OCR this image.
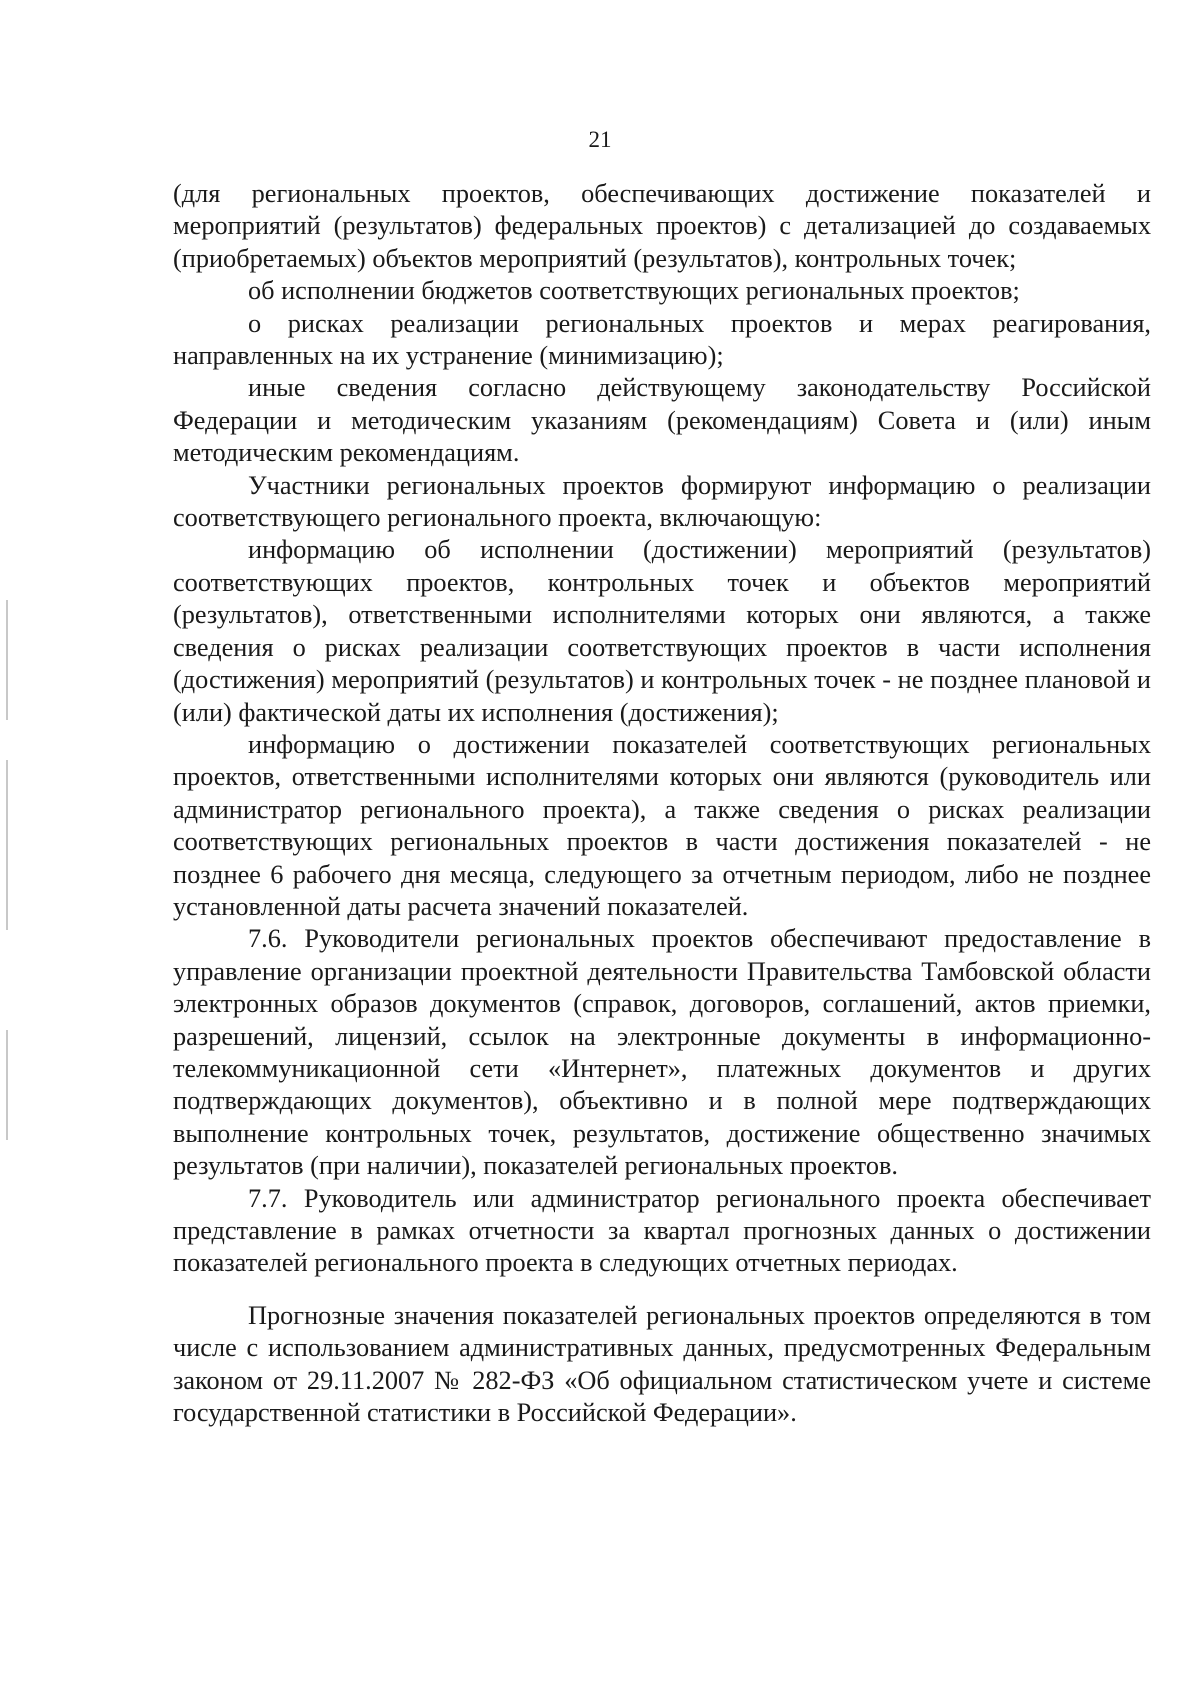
21

(для региональных проектов, обеспечивающих достижение показателей и мероприятий (результатов) федеральных проектов) с детализацией до создаваемых (приобретаемых) объектов мероприятий (результатов), контрольных точек;

об исполнении бюджетов соответствующих региональных проектов;

о рисках реализации региональных проектов и мерах реагирования, направленных на их устранение (минимизацию);

иные сведения согласно действующему законодательству Российской Федерации и методическим указаниям (рекомендациям) Совета и (или) иным методическим рекомендациям.

Участники региональных проектов формируют информацию о реализации соответствующего регионального проекта, включающую:

информацию об исполнении (достижении) мероприятий (результатов) соответствующих проектов, контрольных точек и объектов мероприятий (результатов), ответственными исполнителями которых они являются, а также сведения о рисках реализации соответствующих проектов в части исполнения (достижения) мероприятий (результатов) и контрольных точек - не позднее плановой и (или) фактической даты их исполнения (достижения);

информацию о достижении показателей соответствующих региональных проектов, ответственными исполнителями которых они являются (руководитель или администратор регионального проекта), а также сведения о рисках реализации соответствующих региональных проектов в части достижения показателей - не позднее 6 рабочего дня месяца, следующего за отчетным периодом, либо не позднее установленной даты расчета значений показателей.

7.6. Руководители региональных проектов обеспечивают предоставление в управление организации проектной деятельности Правительства Тамбовской области электронных образов документов (справок, договоров, соглашений, актов приемки, разрешений, лицензий, ссылок на электронные документы в информационно-телекоммуникационной сети «Интернет», платежных документов и других подтверждающих документов), объективно и в полной мере подтверждающих выполнение контрольных точек, результатов, достижение общественно значимых результатов (при наличии), показателей региональных проектов.

7.7. Руководитель или администратор регионального проекта обеспечивает представление в рамках отчетности за квартал прогнозных данных о достижении показателей регионального проекта в следующих отчетных периодах.

Прогнозные значения показателей региональных проектов определяются в том числе с использованием административных данных, предусмотренных Федеральным законом от 29.11.2007 № 282-ФЗ «Об официальном статистическом учете и системе государственной статистики в Российской Федерации».
